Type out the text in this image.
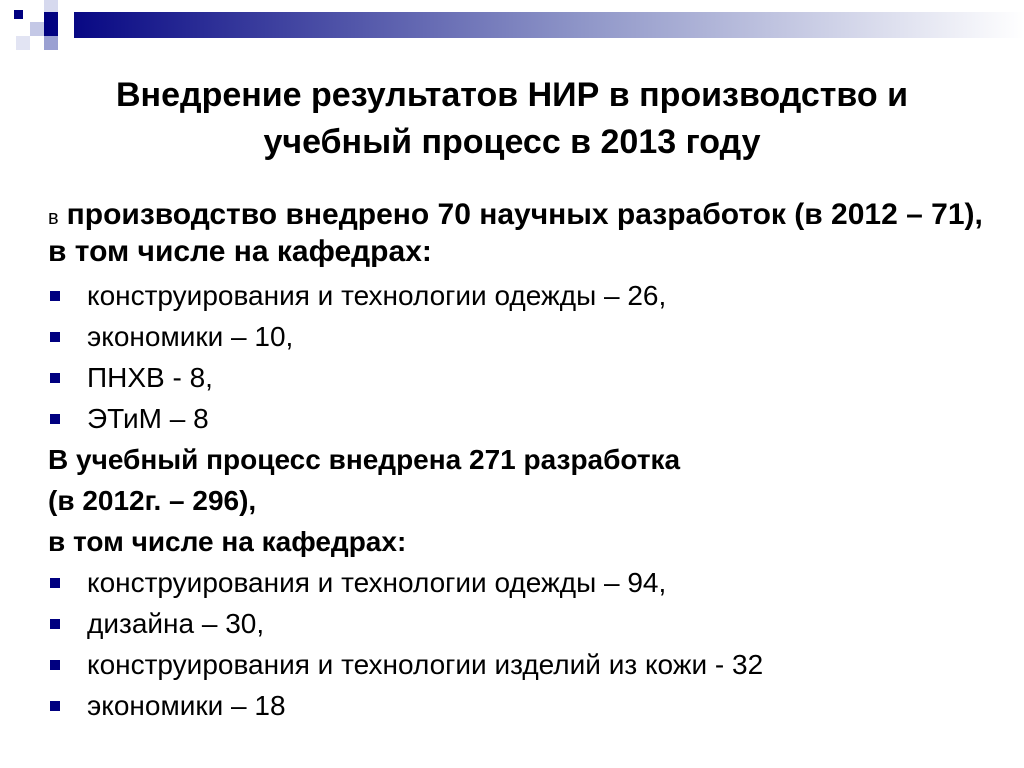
Внедрение результатов НИР в производство и
учебный процесс в 2013 году

в производство внедрено 70 научных разработок (в 2012 – 71), в том числе на кафедрах:

конструирования и технологии одежды – 26,
экономики – 10,
ПНХВ - 8,
ЭТиМ – 8
В учебный процесс внедрена 271 разработка
(в 2012г. – 296),
в том числе на кафедрах:
конструирования и технологии одежды – 94,
дизайна – 30,
конструирования и технологии изделий из кожи - 32
экономики – 18
